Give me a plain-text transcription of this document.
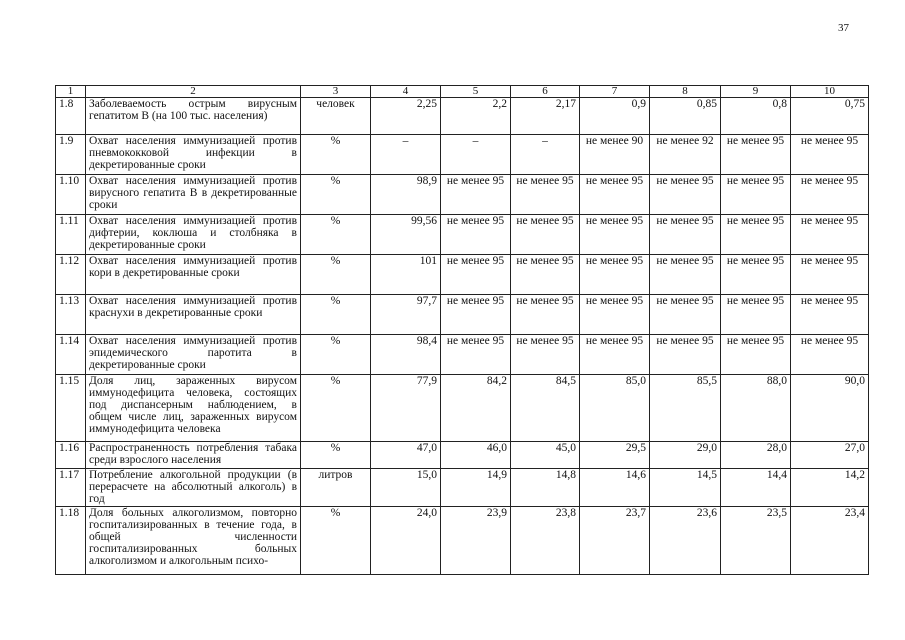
37
1	2	3	4	5	6	7	8	9	10
1.8	Заболеваемость острым вирусным гепатитом В (на 100 тыс. населения)	человек	2,25	2,2	2,17	0,9	0,85	0,8	0,75
1.9	Охват населения иммунизацией против пневмококковой инфекции в декретированные сроки	%	–	–	–	не менее 90	не менее 92	не менее 95	не менее 95
1.10	Охват населения иммунизацией против вирусного гепатита В в декретированные сроки	%	98,9	не менее 95	не менее 95	не менее 95	не менее 95	не менее 95	не менее 95
1.11	Охват населения иммунизацией против дифтерии, коклюша и столбняка в декретированные сроки	%	99,56	не менее 95	не менее 95	не менее 95	не менее 95	не менее 95	не менее 95
1.12	Охват населения иммунизацией против кори в декретированные сроки	%	101	не менее 95	не менее 95	не менее 95	не менее 95	не менее 95	не менее 95
1.13	Охват населения иммунизацией против краснухи в декретированные сроки	%	97,7	не менее 95	не менее 95	не менее 95	не менее 95	не менее 95	не менее 95
1.14	Охват населения иммунизацией против эпидемического паротита в декретированные сроки	%	98,4	не менее 95	не менее 95	не менее 95	не менее 95	не менее 95	не менее 95
1.15	Доля лиц, зараженных вирусом иммунодефицита человека, состоящих под диспансерным наблюдением, в общем числе лиц, зараженных вирусом иммунодефицита человека	%	77,9	84,2	84,5	85,0	85,5	88,0	90,0
1.16	Распространенность потребления табака среди взрослого населения	%	47,0	46,0	45,0	29,5	29,0	28,0	27,0
1.17	Потребление алкогольной продукции (в перерасчете на абсолютный алкоголь) в год	литров	15,0	14,9	14,8	14,6	14,5	14,4	14,2
1.18	Доля больных алкоголизмом, повторно госпитализированных в течение года, в общей численности госпитализированных больных алкоголизмом и алкогольным психо-	%	24,0	23,9	23,8	23,7	23,6	23,5	23,4
